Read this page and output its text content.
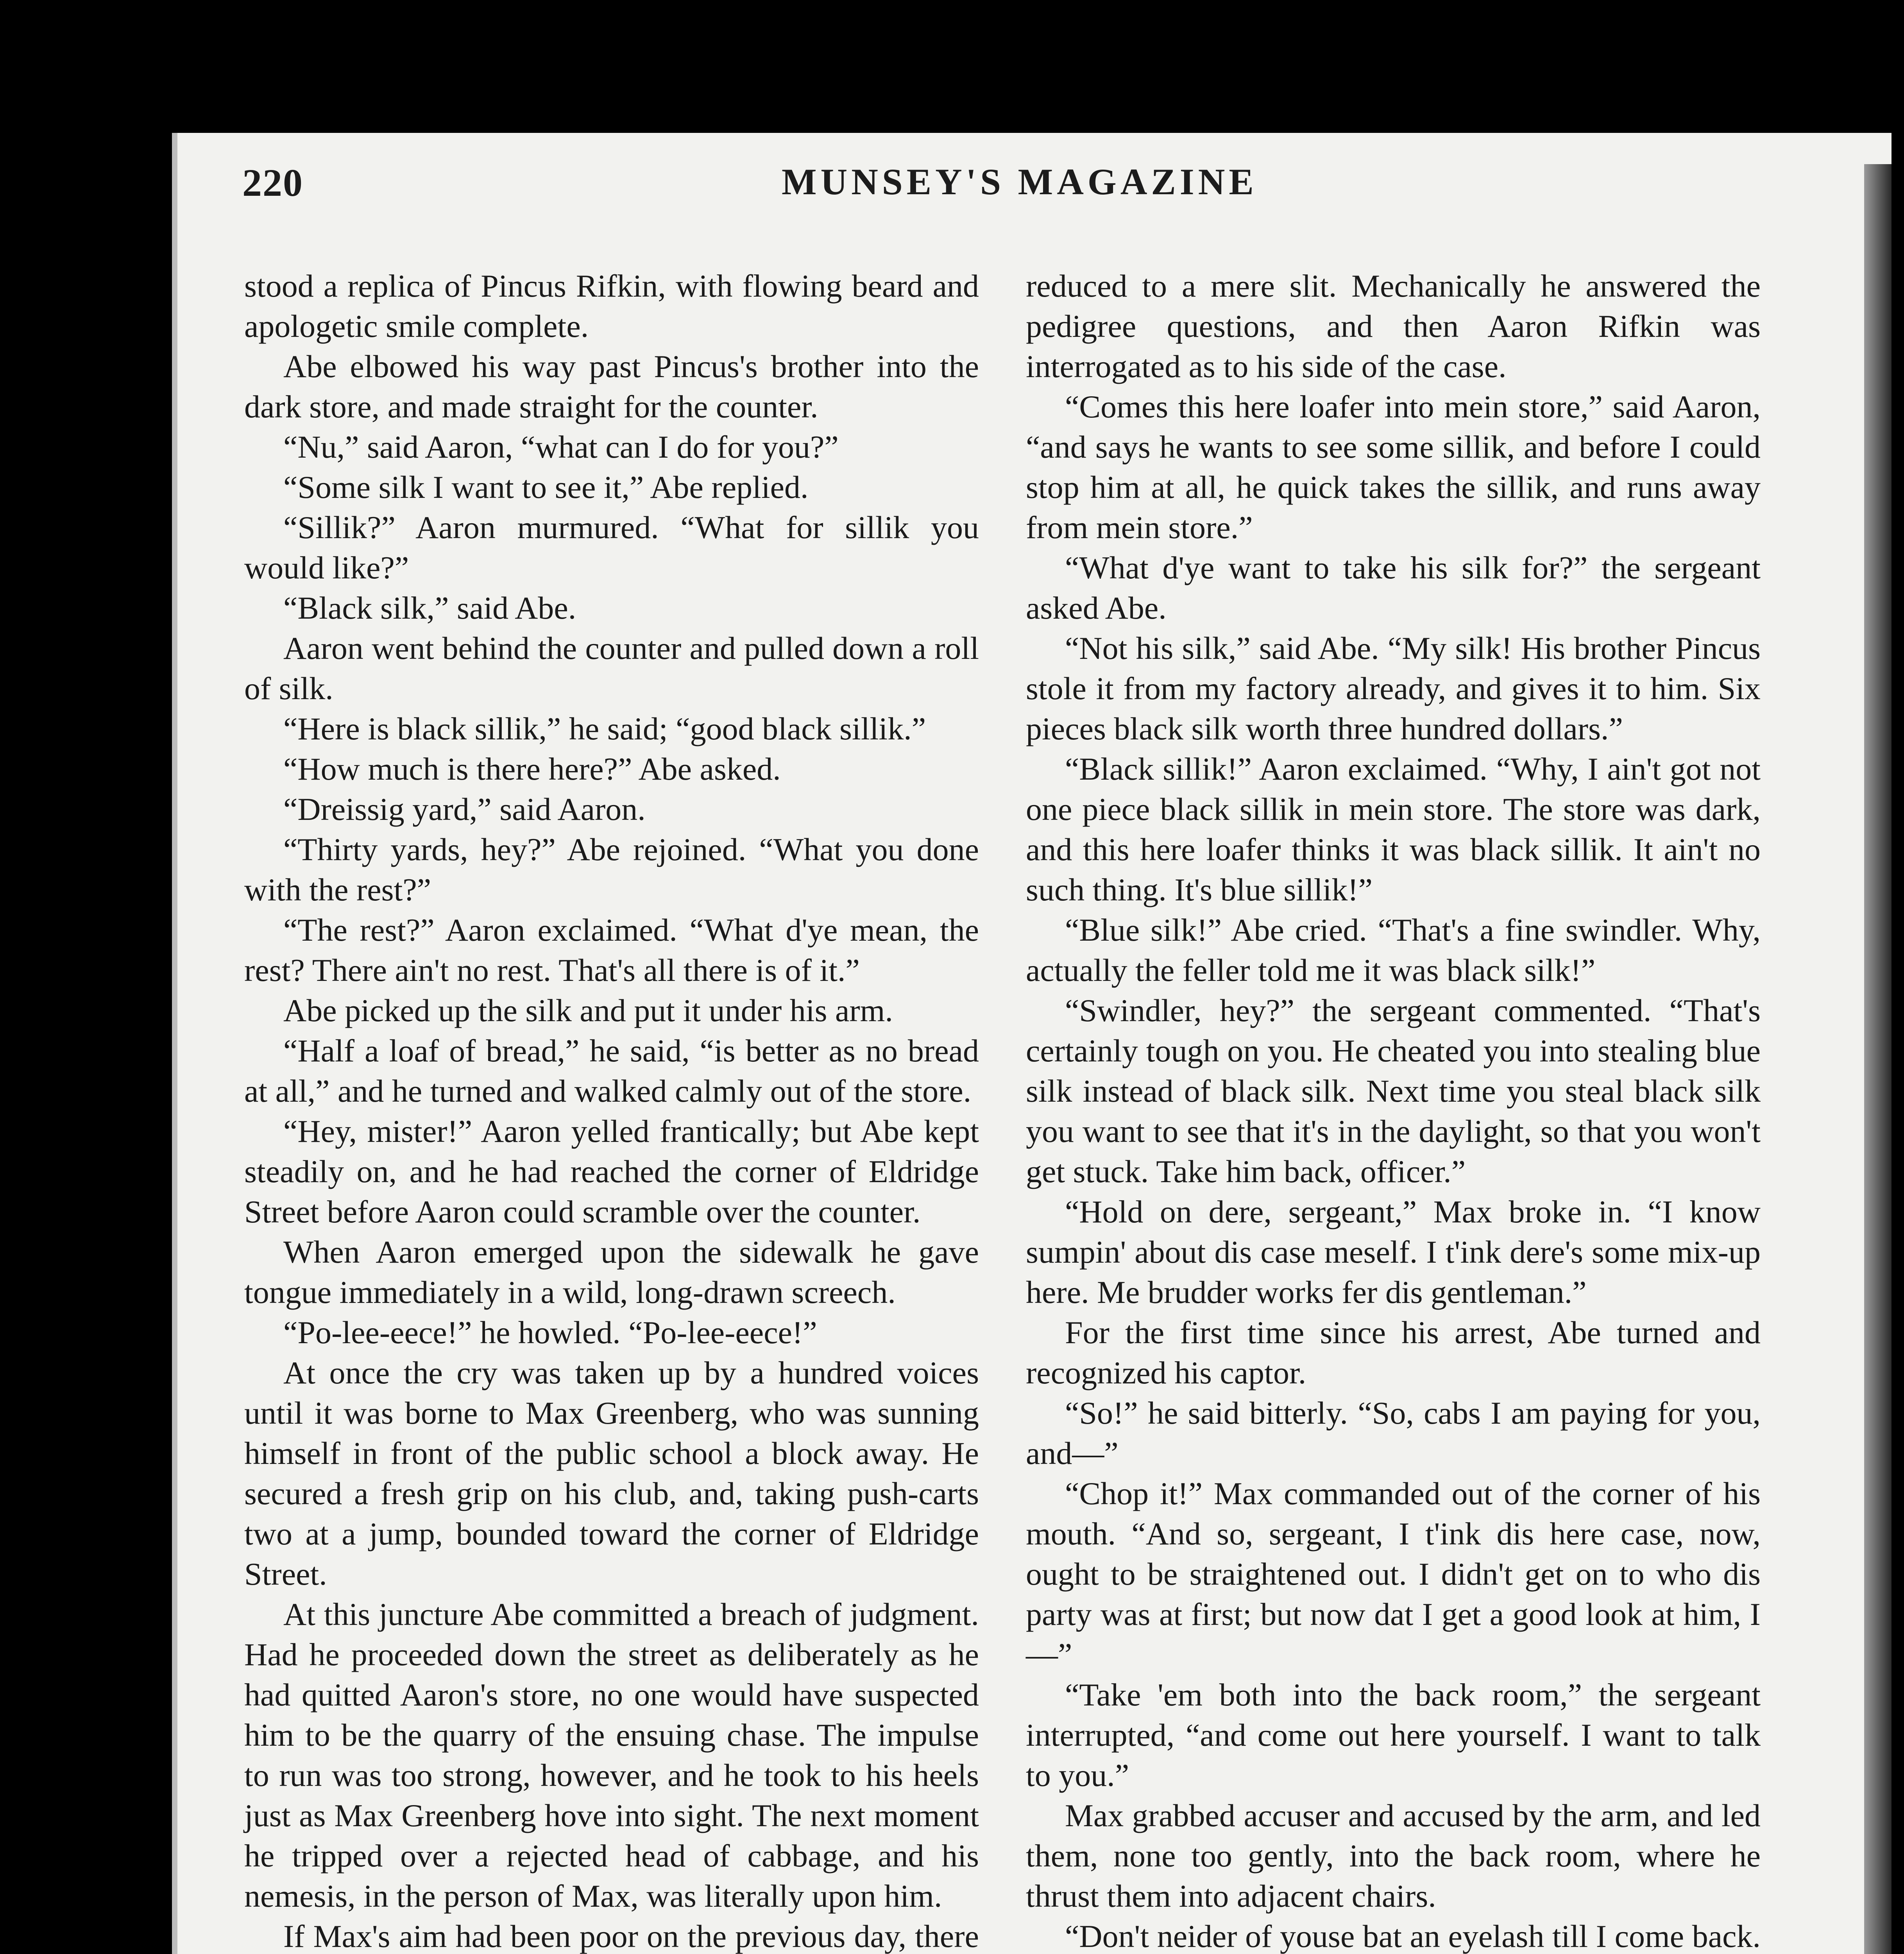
220	MUNSEY'S MAGAZINE

stood a replica of Pincus Rifkin, with flowing beard and apologetic smile complete.

Abe elbowed his way past Pincus's brother into the dark store, and made straight for the counter.

“Nu,” said Aaron, “what can I do for you?”

“Some silk I want to see it,” Abe replied.

“Sillik?” Aaron murmured. “What for sillik you would like?”

“Black silk,” said Abe.

Aaron went behind the counter and pulled down a roll of silk.

“Here is black sillik,” he said; “good black sillik.”

“How much is there here?” Abe asked.

“Dreissig yard,” said Aaron.

“Thirty yards, hey?” Abe rejoined. “What you done with the rest?”

“The rest?” Aaron exclaimed. “What d'ye mean, the rest? There ain't no rest. That's all there is of it.”

Abe picked up the silk and put it under his arm.

“Half a loaf of bread,” he said, “is better as no bread at all,” and he turned and walked calmly out of the store.

“Hey, mister!” Aaron yelled frantically; but Abe kept steadily on, and he had reached the corner of Eldridge Street before Aaron could scramble over the counter.

When Aaron emerged upon the sidewalk he gave tongue immediately in a wild, long-drawn screech.

“Po-lee-eece!” he howled. “Po-lee-eece!”

At once the cry was taken up by a hundred voices until it was borne to Max Greenberg, who was sunning himself in front of the public school a block away. He secured a fresh grip on his club, and, taking push-carts two at a jump, bounded toward the corner of Eldridge Street.

At this juncture Abe committed a breach of judgment. Had he proceeded down the street as deliberately as he had quitted Aaron's store, no one would have suspected him to be the quarry of the ensuing chase. The impulse to run was too strong, however, and he took to his heels just as Max Greenberg hove into sight. The next moment he tripped over a rejected head of cabbage, and his nemesis, in the person of Max, was literally upon him.

If Max's aim had been poor on the previous day, there

reduced to a mere slit. Mechanically he answered the pedigree questions, and then Aaron Rifkin was interrogated as to his side of the case.

“Comes this here loafer into mein store,” said Aaron, “and says he wants to see some sillik, and before I could stop him at all, he quick takes the sillik, and runs away from mein store.”

“What d'ye want to take his silk for?” the sergeant asked Abe.

“Not his silk,” said Abe. “My silk! His brother Pincus stole it from my factory already, and gives it to him. Six pieces black silk worth three hundred dollars.”

“Black sillik!” Aaron exclaimed. “Why, I ain't got not one piece black sillik in mein store. The store was dark, and this here loafer thinks it was black sillik. It ain't no such thing. It's blue sillik!”

“Blue silk!” Abe cried. “That's a fine swindler. Why, actually the feller told me it was black silk!”

“Swindler, hey?” the sergeant commented. “That's certainly tough on you. He cheated you into stealing blue silk instead of black silk. Next time you steal black silk you want to see that it's in the daylight, so that you won't get stuck. Take him back, officer.”

“Hold on dere, sergeant,” Max broke in. “I know sumpin' about dis case meself. I t'ink dere's some mix-up here. Me brudder works fer dis gentleman.”

For the first time since his arrest, Abe turned and recognized his captor.

“So!” he said bitterly. “So, cabs I am paying for you, and—”

“Chop it!” Max commanded out of the corner of his mouth. “And so, sergeant, I t'ink dis here case, now, ought to be straightened out. I didn't get on to who dis party was at first; but now dat I get a good look at him, I—”

“Take 'em both into the back room,” the sergeant interrupted, “and come out here yourself. I want to talk to you.”

Max grabbed accuser and accused by the arm, and led them, none too gently, into the back room, where he thrust them into adjacent chairs.

“Don't neider of youse bat an eyelash till I come back.
